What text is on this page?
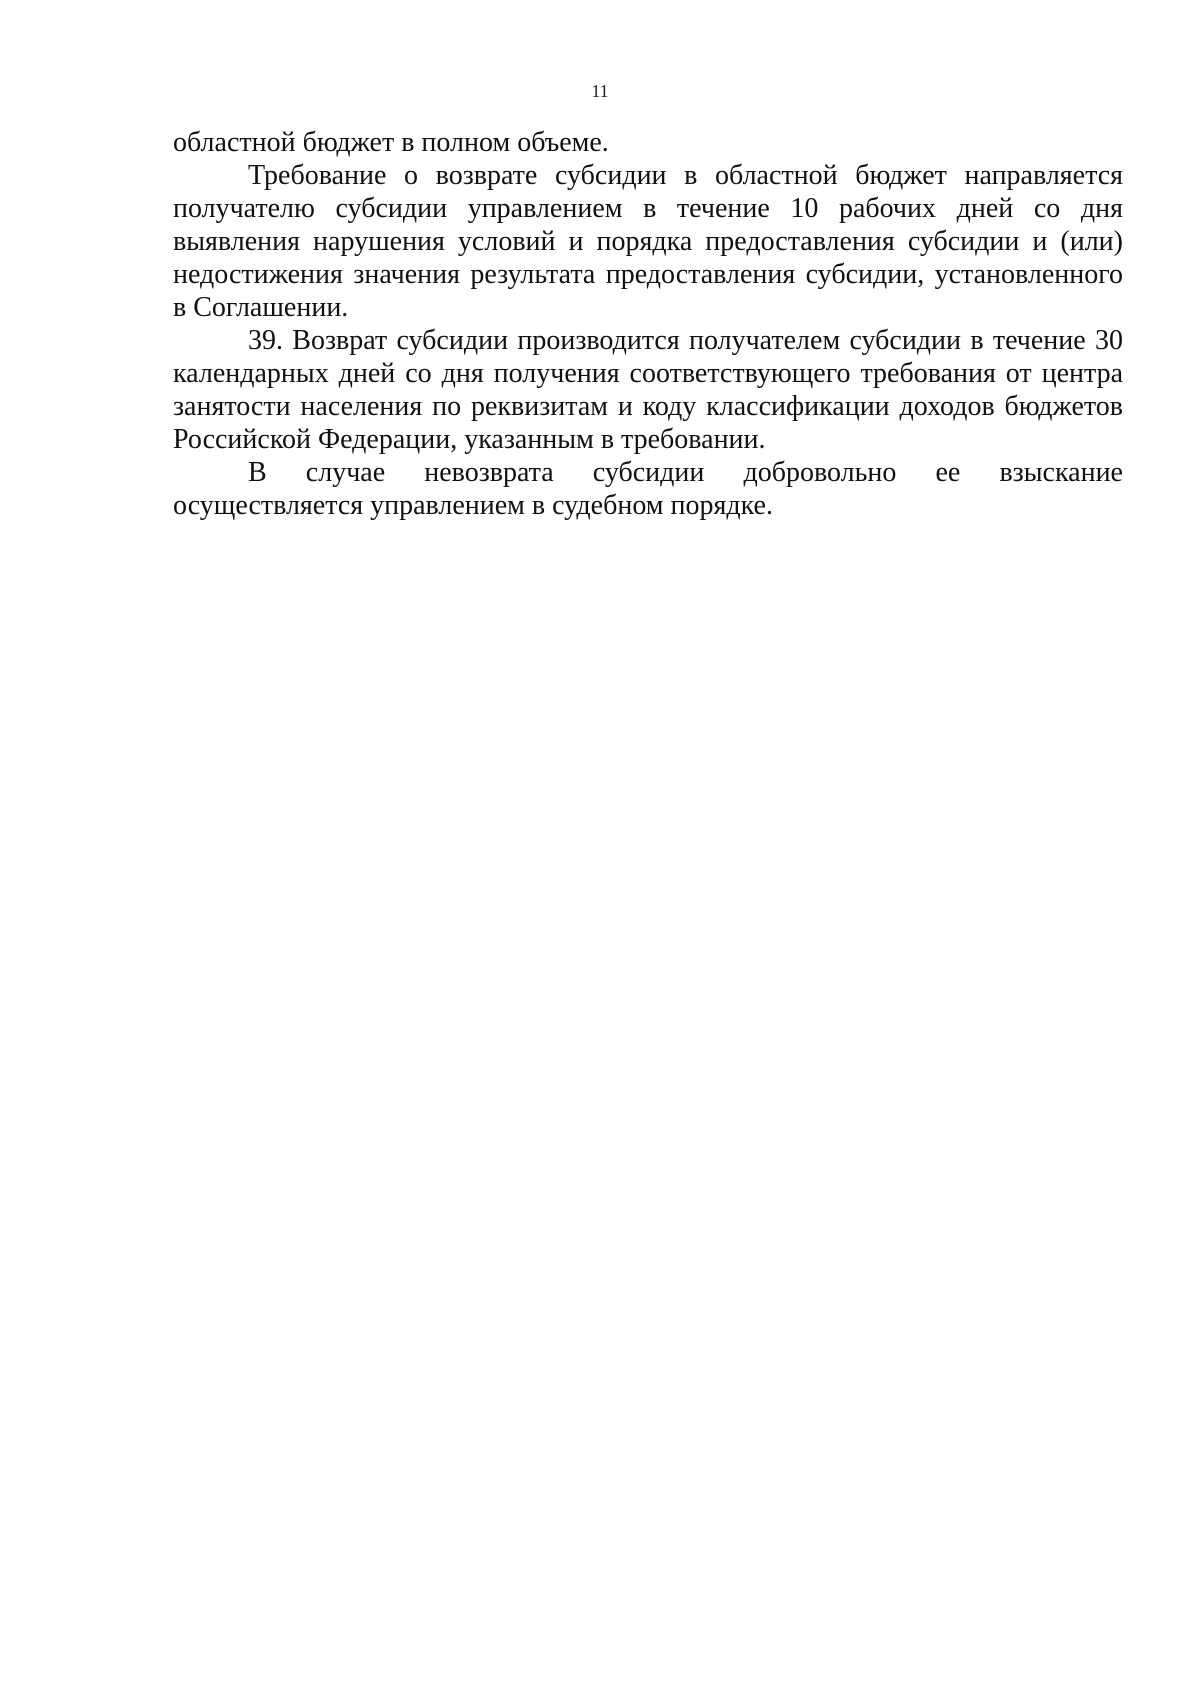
11

областной бюджет в полном объеме.

Требование о возврате субсидии в областной бюджет направляется получателю субсидии управлением в течение 10 рабочих дней со дня выявления нарушения условий и порядка предоставления субсидии и (или) недостижения значения результата предоставления субсидии, установленного в Соглашении.

39. Возврат субсидии производится получателем субсидии в течение 30 календарных дней со дня получения соответствующего требования от центра занятости населения по реквизитам и коду классификации доходов бюджетов Российской Федерации, указанным в требовании.

В случае невозврата субсидии добровольно ее взыскание осуществляется управлением в судебном порядке.
